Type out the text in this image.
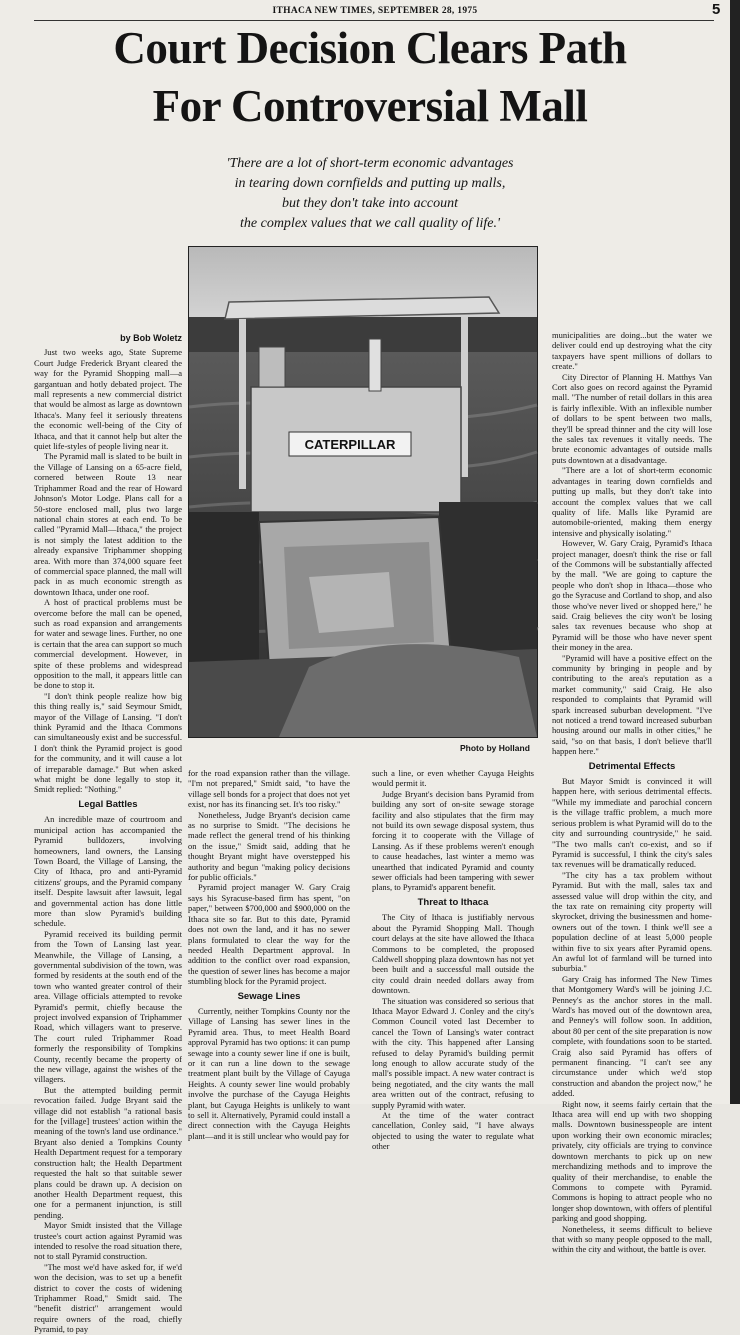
ITHACA NEW TIMES, SEPTEMBER 28, 1975	5
Court Decision Clears Path
For Controversial Mall
'There are a lot of short-term economic advantages
in tearing down cornfields and putting up malls,
but they don't take into account
the complex values that we call quality of life.'
CATERPILLAR
Photo by Holland

by Bob Woletz

Just two weeks ago, State Supreme Court Judge Frederick Bryant cleared the way for the Pyramid Shopping mall—a gargantuan and hotly debated project. The mall represents a new commercial district that would be almost as large as downtown Ithaca's. Many feel it seriously threatens the economic well-being of the City of Ithaca, and that it cannot help but alter the quiet life-styles of people living near it.

The Pyramid mall is slated to be built in the Village of Lansing on a 65-acre field, cornered between Route 13 near Triphammer Road and the rear of Howard Johnson's Motor Lodge. Plans call for a 50-store enclosed mall, plus two large national chain stores at each end. To be called "Pyramid Mall—Ithaca," the project is not simply the latest addition to the already expansive Triphammer shopping area. With more than 374,000 square feet of commercial space planned, the mall will pack in as much economic strength as downtown Ithaca, under one roof.

A host of practical problems must be overcome before the mall can be opened, such as road expansion and arrangements for water and sewage lines. Further, no one is certain that the area can support so much commercial development. However, in spite of these problems and widespread opposition to the mall, it appears little can be done to stop it.

"I don't think people realize how big this thing really is," said Seymour Smidt, mayor of the Village of Lansing. "I don't think Pyramid and the Ithaca Commons can simultaneously exist and be successful. I don't think the Pyramid project is good for the community, and it will cause a lot of irreparable damage." But when asked what might be done legally to stop it, Smidt replied: "Nothing."

Legal Battles

An incredible maze of courtroom and municipal action has accompanied the Pyramid bulldozers, involving homeowners, land owners, the Lansing Town Board, the Village of Lansing, the City of Ithaca, pro and anti-Pyramid citizens' groups, and the Pyramid company itself. Despite lawsuit after lawsuit, legal and governmental action has done little more than slow Pyramid's building schedule.

Pyramid received its building permit from the Town of Lansing last year. Meanwhile, the Village of Lansing, a governmental subdivision of the town, was formed by residents at the south end of the town who wanted greater control of their area. Village officials attempted to revoke Pyramid's permit, chiefly because the project involved expansion of Triphammer Road, which villagers want to preserve. The court ruled Triphammer Road formerly the responsibility of Tompkins County, recently became the property of the new village, against the wishes of the villagers.

But the attempted building permit revocation failed. Judge Bryant said the village did not establish "a rational basis for the [village] trustees' action within the meaning of the town's land use ordinance." Bryant also denied a Tompkins County Health Department request for a temporary construction halt; the Health Department requested the halt so that suitable sewer plans could be drawn up. A decision on another Health Department request, this one for a permanent injunction, is still pending.

Mayor Smidt insisted that the Village trustee's court action against Pyramid was intended to resolve the road situation there, not to stall Pyramid construction.

"The most we'd have asked for, if we'd won the decision, was to set up a benefit district to cover the costs of widening Triphammer Road," Smidt said. The "benefit district" arrangement would require owners of the road, chiefly Pyramid, to pay

for the road expansion rather than the village. "I'm not prepared," Smidt said, "to have the village sell bonds for a project that does not yet exist, nor has its financing set. It's too risky."

Nonetheless, Judge Bryant's decision came as no surprise to Smidt. "The decisions he made reflect the general trend of his thinking on the issue," Smidt said, adding that he thought Bryant might have overstepped his authority and begun "making policy decisions for public officials."

Pyramid project manager W. Gary Craig says his Syracuse-based firm has spent, "on paper," between $700,000 and $900,000 on the Ithaca site so far. But to this date, Pyramid does not own the land, and it has no sewer plans formulated to clear the way for the needed Health Department approval. In addition to the conflict over road expansion, the question of sewer lines has become a major stumbling block for the Pyramid project.

Sewage Lines

Currently, neither Tompkins County nor the Village of Lansing has sewer lines in the Pyramid area. Thus, to meet Health Board approval Pyramid has two options: it can pump sewage into a county sewer line if one is built, or it can run a line down to the sewage treatment plant built by the Village of Cayuga Heights. A county sewer line would probably involve the purchase of the Cayuga Heights plant, but Cayuga Heights is unlikely to want to sell it. Alternatively, Pyramid could install a direct connection with the Cayuga Heights plant—and it is still unclear who would pay for

such a line, or even whether Cayuga Heights would permit it.

Judge Bryant's decision bans Pyramid from building any sort of on-site sewage storage facility and also stipulates that the firm may not build its own sewage disposal system, thus forcing it to cooperate with the Village of Lansing. As if these problems weren't enough to cause headaches, last winter a memo was unearthed that indicated Pyramid and county sewer officials had been tampering with sewer plans, to Pyramid's apparent benefit.

Threat to Ithaca

The City of Ithaca is justifiably nervous about the Pyramid Shopping Mall. Though court delays at the site have allowed the Ithaca Commons to be completed, the proposed Caldwell shopping plaza downtown has not yet been built and a successful mall outside the city could drain needed dollars away from downtown.

The situation was considered so serious that Ithaca Mayor Edward J. Conley and the city's Common Council voted last December to cancel the Town of Lansing's water contract with the city. This happened after Lansing refused to delay Pyramid's building permit long enough to allow accurate study of the mall's possible impact. A new water contract is being negotiated, and the city wants the mall area written out of the contract, refusing to supply Pyramid with water.

At the time of the water contract cancellation, Conley said, "I have always objected to using the water to regulate what other

municipalities are doing...but the water we deliver could end up destroying what the city taxpayers have spent millions of dollars to create."

City Director of Planning H. Matthys Van Cort also goes on record against the Pyramid mall. "The number of retail dollars in this area is fairly inflexible. With an inflexible number of dollars to be spent between two malls, they'll be spread thinner and the city will lose the sales tax revenues it vitally needs. The brute economic advantages of outside malls puts downtown at a disadvantage.

"There are a lot of short-term economic advantages in tearing down cornfields and putting up malls, but they don't take into account the complex values that we call quality of life. Malls like Pyramid are automobile-oriented, making them energy intensive and physically isolating."

However, W. Gary Craig, Pyramid's Ithaca project manager, doesn't think the rise or fall of the Commons will be substantially affected by the mall. "We are going to capture the people who don't shop in Ithaca—those who go the Syracuse and Cortland to shop, and also those who've never lived or shopped here," he said. Craig believes the city won't be losing sales tax revenues because who shop at Pyramid will be those who have never spent their money in the area.

"Pyramid will have a positive effect on the community by bringing in people and by contributing to the area's reputation as a market community," said Craig. He also responded to complaints that Pyramid will spark increased suburban development. "I've not noticed a trend toward increased suburban housing around our malls in other cities," he said, "so on that basis, I don't believe that'll happen here."

Detrimental Effects

But Mayor Smidt is convinced it will happen here, with serious detrimental effects. "While my immediate and parochial concern is the village traffic problem, a much more serious problem is what Pyramid will do to the city and surrounding countryside," he said. "The two malls can't co-exist, and so if Pyramid is successful, I think the city's sales tax revenues will be dramatically reduced.

"The city has a tax problem without Pyramid. But with the mall, sales tax and assessed value will drop within the city, and the tax rate on remaining city property will skyrocket, driving the businessmen and home-owners out of the town. I think we'll see a population decline of at least 5,000 people within five to six years after Pyramid opens. An awful lot of farmland will be turned into suburbia."

Gary Craig has informed The New Times that Montgomery Ward's will be joining J.C. Penney's as the anchor stores in the mall. Ward's has moved out of the downtown area, and Penney's will follow soon. In addition, about 80 per cent of the site preparation is now complete, with foundations soon to be started. Craig also said Pyramid has offers of permanent financing. "I can't see any circumstance under which we'd stop construction and abandon the project now," he added.

Right now, it seems fairly certain that the Ithaca area will end up with two shopping malls. Downtown businesspeople are intent upon working their own economic miracles; privately, city officials are trying to convince downtown merchants to pick up on new merchandizing methods and to improve the quality of their merchandise, to enable the Commons to compete with Pyramid. Commons is hoping to attract people who no longer shop downtown, with offers of plentiful parking and good shopping.

Nonetheless, it seems difficult to believe that with so many people opposed to the mall, within the city and without, the battle is over.
